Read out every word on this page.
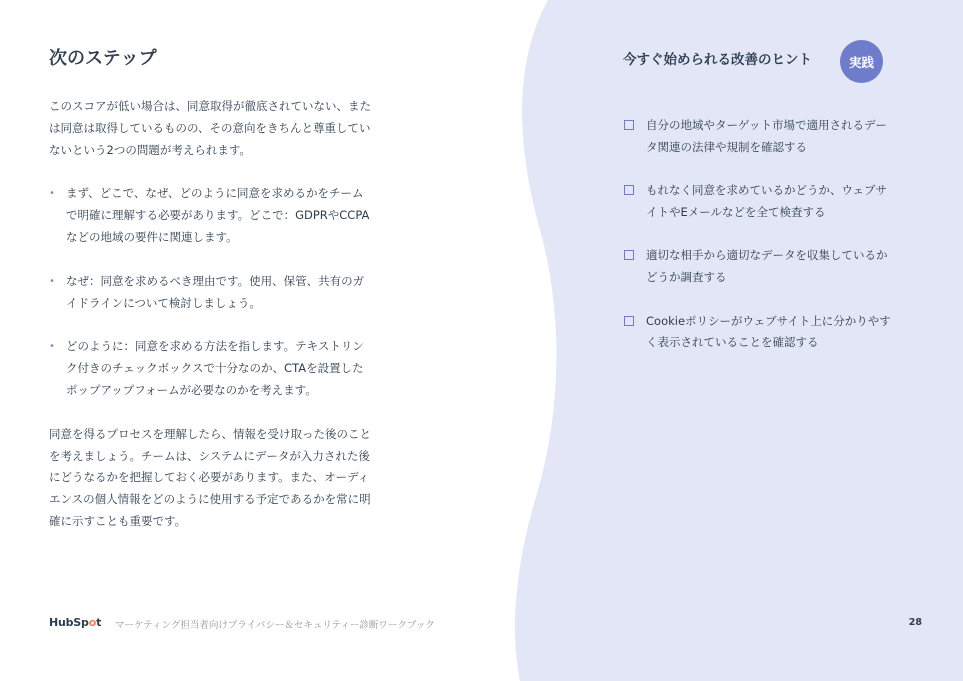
次のステップ

このスコアが低い場合は、同意取得が徹底されていない、または同意は取得しているものの、その意向をきちんと尊重していないという2つの問題が考えられます。

• まず、どこで、なぜ、どのように同意を求めるかをチームで明確に理解する必要があります。どこで：GDPRやCCPAなどの地域の要件に関連します。
• なぜ：同意を求めるべき理由です。使用、保管、共有のガイドラインについて検討しましょう。
• どのように：同意を求める方法を指します。テキストリンク付きのチェックボックスで十分なのか、CTAを設置したポップアップフォームが必要なのかを考えます。

同意を得るプロセスを理解したら、情報を受け取った後のことを考えましょう。チームは、システムにデータが入力された後にどうなるかを把握しておく必要があります。また、オーディエンスの個人情報をどのように使用する予定であるかを常に明確に示すことも重要です。

今すぐ始められる改善のヒント	実践
自分の地域やターゲット市場で適用されるデータ関連の法律や規制を確認する
もれなく同意を求めているかどうか、ウェブサイトやEメールなどを全て検査する
適切な相手から適切なデータを収集しているかどうか調査する
Cookieポリシーがウェブサイト上に分かりやすく表示されていることを確認する
HubSpot マーケティング担当者向けプライバシー＆セキュリティー診断ワークブック	28
